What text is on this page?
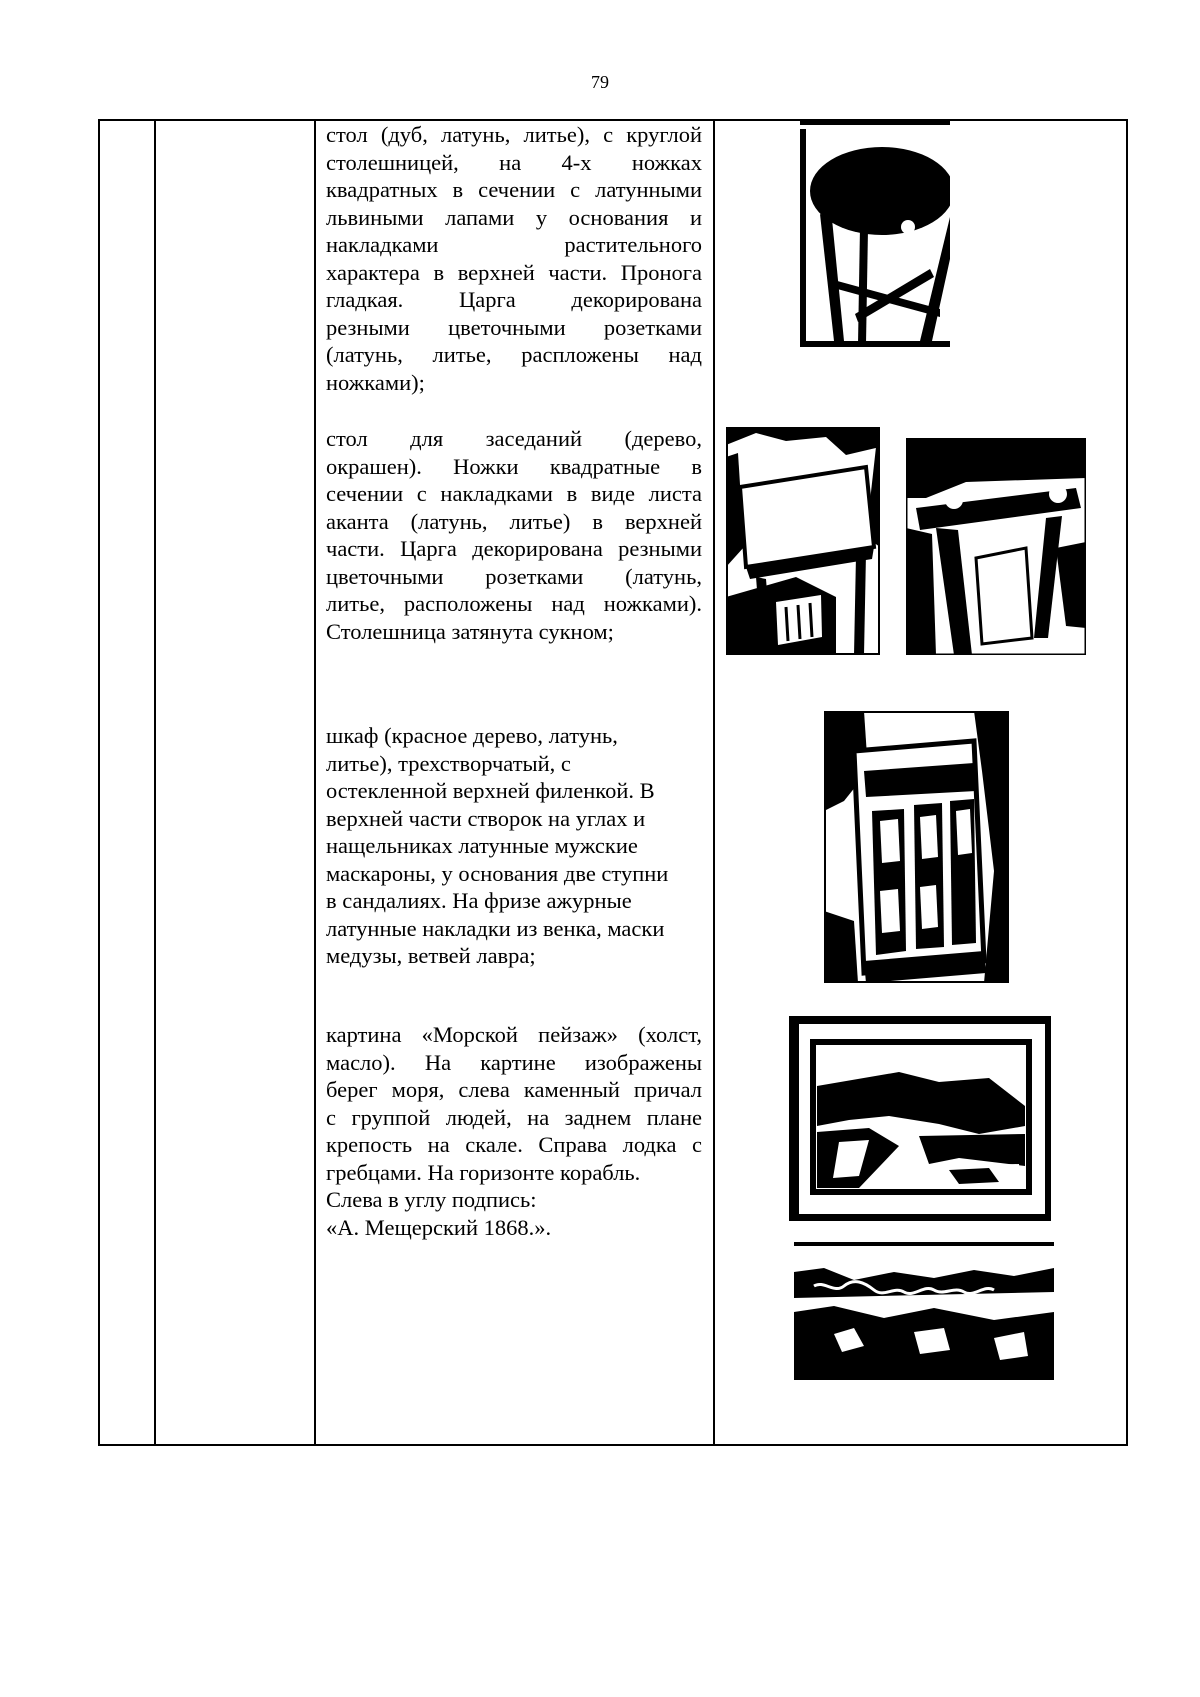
79
стол (дуб, латунь, литье), с круглой
столешницей, на 4-х ножках
квадратных в сечении с латунными
львиными лапами у основания и
накладками растительного
характера в верхней части. Пронога
гладкая. Царга декорирована
резными цветочными розетками
(латунь, литье, распложены над
ножками);
стол для заседаний (дерево,
окрашен). Ножки квадратные в
сечении с накладками в виде листа
аканта (латунь, литье) в верхней
части. Царга декорирована резными
цветочными розетками (латунь,
литье, расположены над ножками).
Столешница затянута сукном;
шкаф (красное дерево, латунь,
литье), трехстворчатый, с
остекленной верхней филенкой. В
верхней части створок на углах и
нащельниках латунные мужские
маскароны, у основания две ступни
в сандалиях. На фризе ажурные
латунные накладки из венка, маски
медузы, ветвей лавра;
картина «Морской пейзаж» (холст,
масло). На картине изображены
берег моря, слева каменный причал
с группой людей, на заднем плане
крепость на скале. Справа лодка с
гребцами. На горизонте корабль.
Слева в углу подпись:
«А. Мещерский 1868.».
